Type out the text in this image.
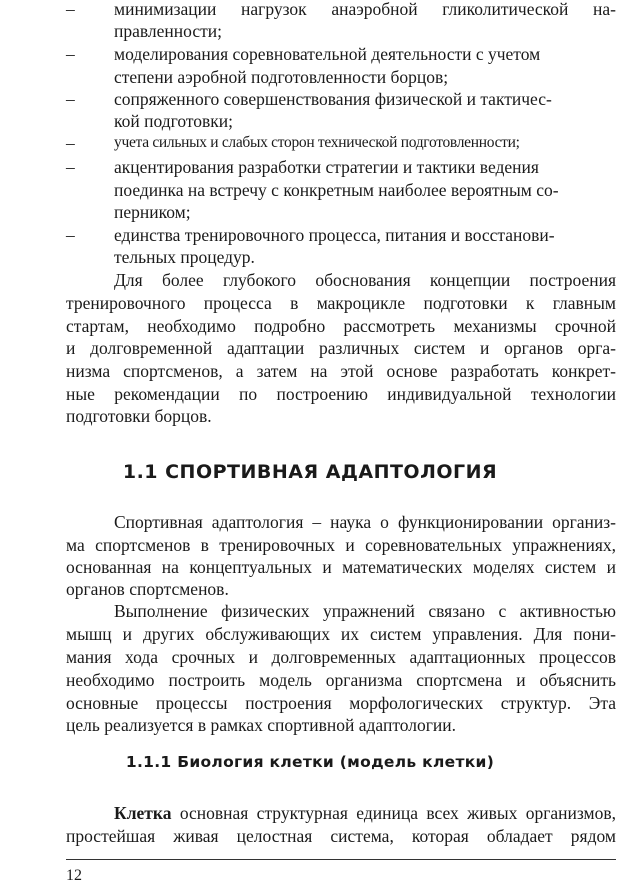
– минимизации нагрузок анаэробной гликолитической на-
правленности;
– моделирования соревновательной деятельности с учетом
степени аэробной подготовленности борцов;
– сопряженного совершенствования физической и тактичес-
кой подготовки;
–	учета сильных и слабых сторон технической подготовленности;
– акцентирования разработки стратегии и тактики ведения
поединка на встречу с конкретным наиболее вероятным со-
перником;
– единства тренировочного процесса, питания и восстанови-
тельных процедур.
Для более глубокого обоснования концепции построения
тренировочного процесса в макроцикле подготовки к главным
стартам, необходимо подробно рассмотреть механизмы срочной
и долговременной адаптации различных систем и органов орга-
низма спортсменов, а затем на этой основе разработать конкрет-
ные рекомендации по построению индивидуальной технологии
подготовки борцов.
1.1 СПОРТИВНАЯ АДАПТОЛОГИЯ
Спортивная адаптология – наука о функционировании организ-
ма спортсменов в тренировочных и соревновательных упражнениях,
основанная на концептуальных и математических моделях систем и
органов спортсменов.
Выполнение физических упражнений связано с активностью
мышц и других обслуживающих их систем управления. Для пони-
мания хода срочных и долговременных адаптационных процессов
необходимо построить модель организма спортсмена и объяснить
основные процессы построения морфологических структур. Эта
цель реализуется в рамках спортивной адаптологии.
1.1.1 Биология клетки (модель клетки)
Клетка основная структурная единица всех живых организмов,
простейшая живая целостная система, которая обладает рядом
12
